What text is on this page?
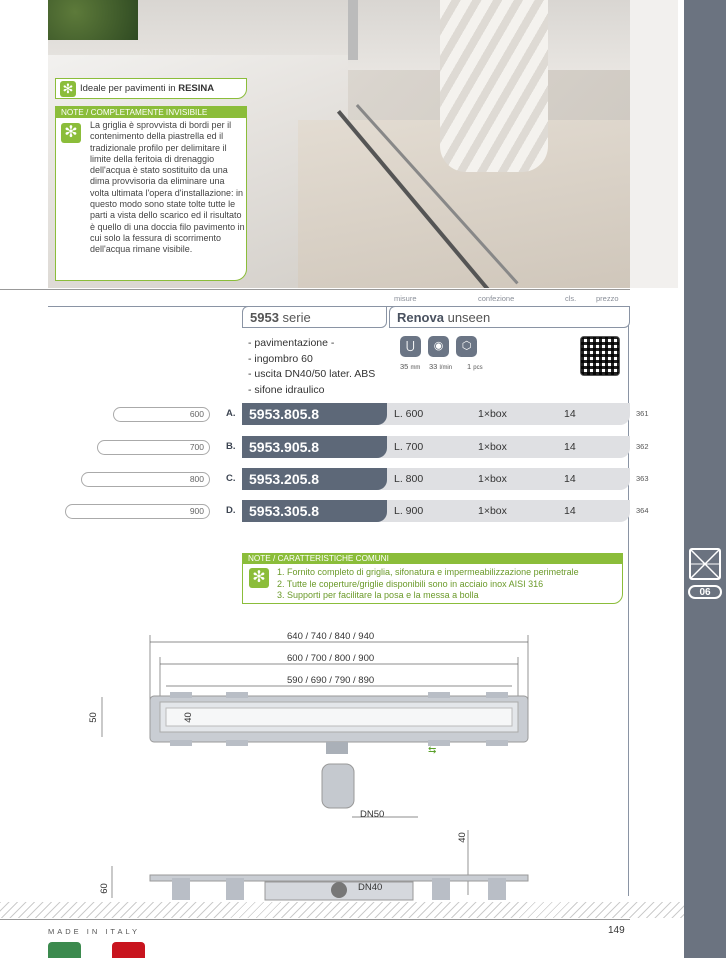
✻ Ideale per pavimenti in RESINA
NOTE / COMPLETAMENTE INVISIBILE
✻	La griglia è sprovvista di bordi per il contenimento della piastrella ed il tradizionale profilo per delimitare il limite della feritoia di drenaggio dell'acqua è stato sostituito da una dima provvisoria da eliminare una volta ultimata l'opera d'installazione: in questo modo sono state tolte tutte le parti a vista dello scarico ed il risultato è quello di una doccia filo pavimento in cui solo la fessura di scorrimento dell'acqua rimane visibile.
misure	confezione	cls.	prezzo
5953
serie	Renova
unseen
- pavimentazione -
- ingombro 60
- uscita DN40/50 later. ABS
- sifone idraulico
⋃	◉	⬡
35 mm 33 l/min 1 pcs
600	A. 5953.805.8	L. 600	1×box	14	361
700	B. 5953.905.8	L. 700	1×box	14	362
800	C. 5953.205.8	L. 800	1×box	14	363
900	D. 5953.305.8	L. 900	1×box	14	364
NOTE / CARATTERISTICHE COMUNI
✻	1. Fornito completo di griglia, sifonatura e impermeabilizzazione perimetrale
2. Tutte le coperture/griglie disponibili sono in acciaio inox AISI 316
3. Supporti per facilitare la posa e la messa a bolla
⇆
640 / 740 / 840 / 940
600 / 700 / 800 / 900
590 / 690 / 790 / 890
50	40
DN50
DN40
40
60
MADE IN ITALY	149
06
